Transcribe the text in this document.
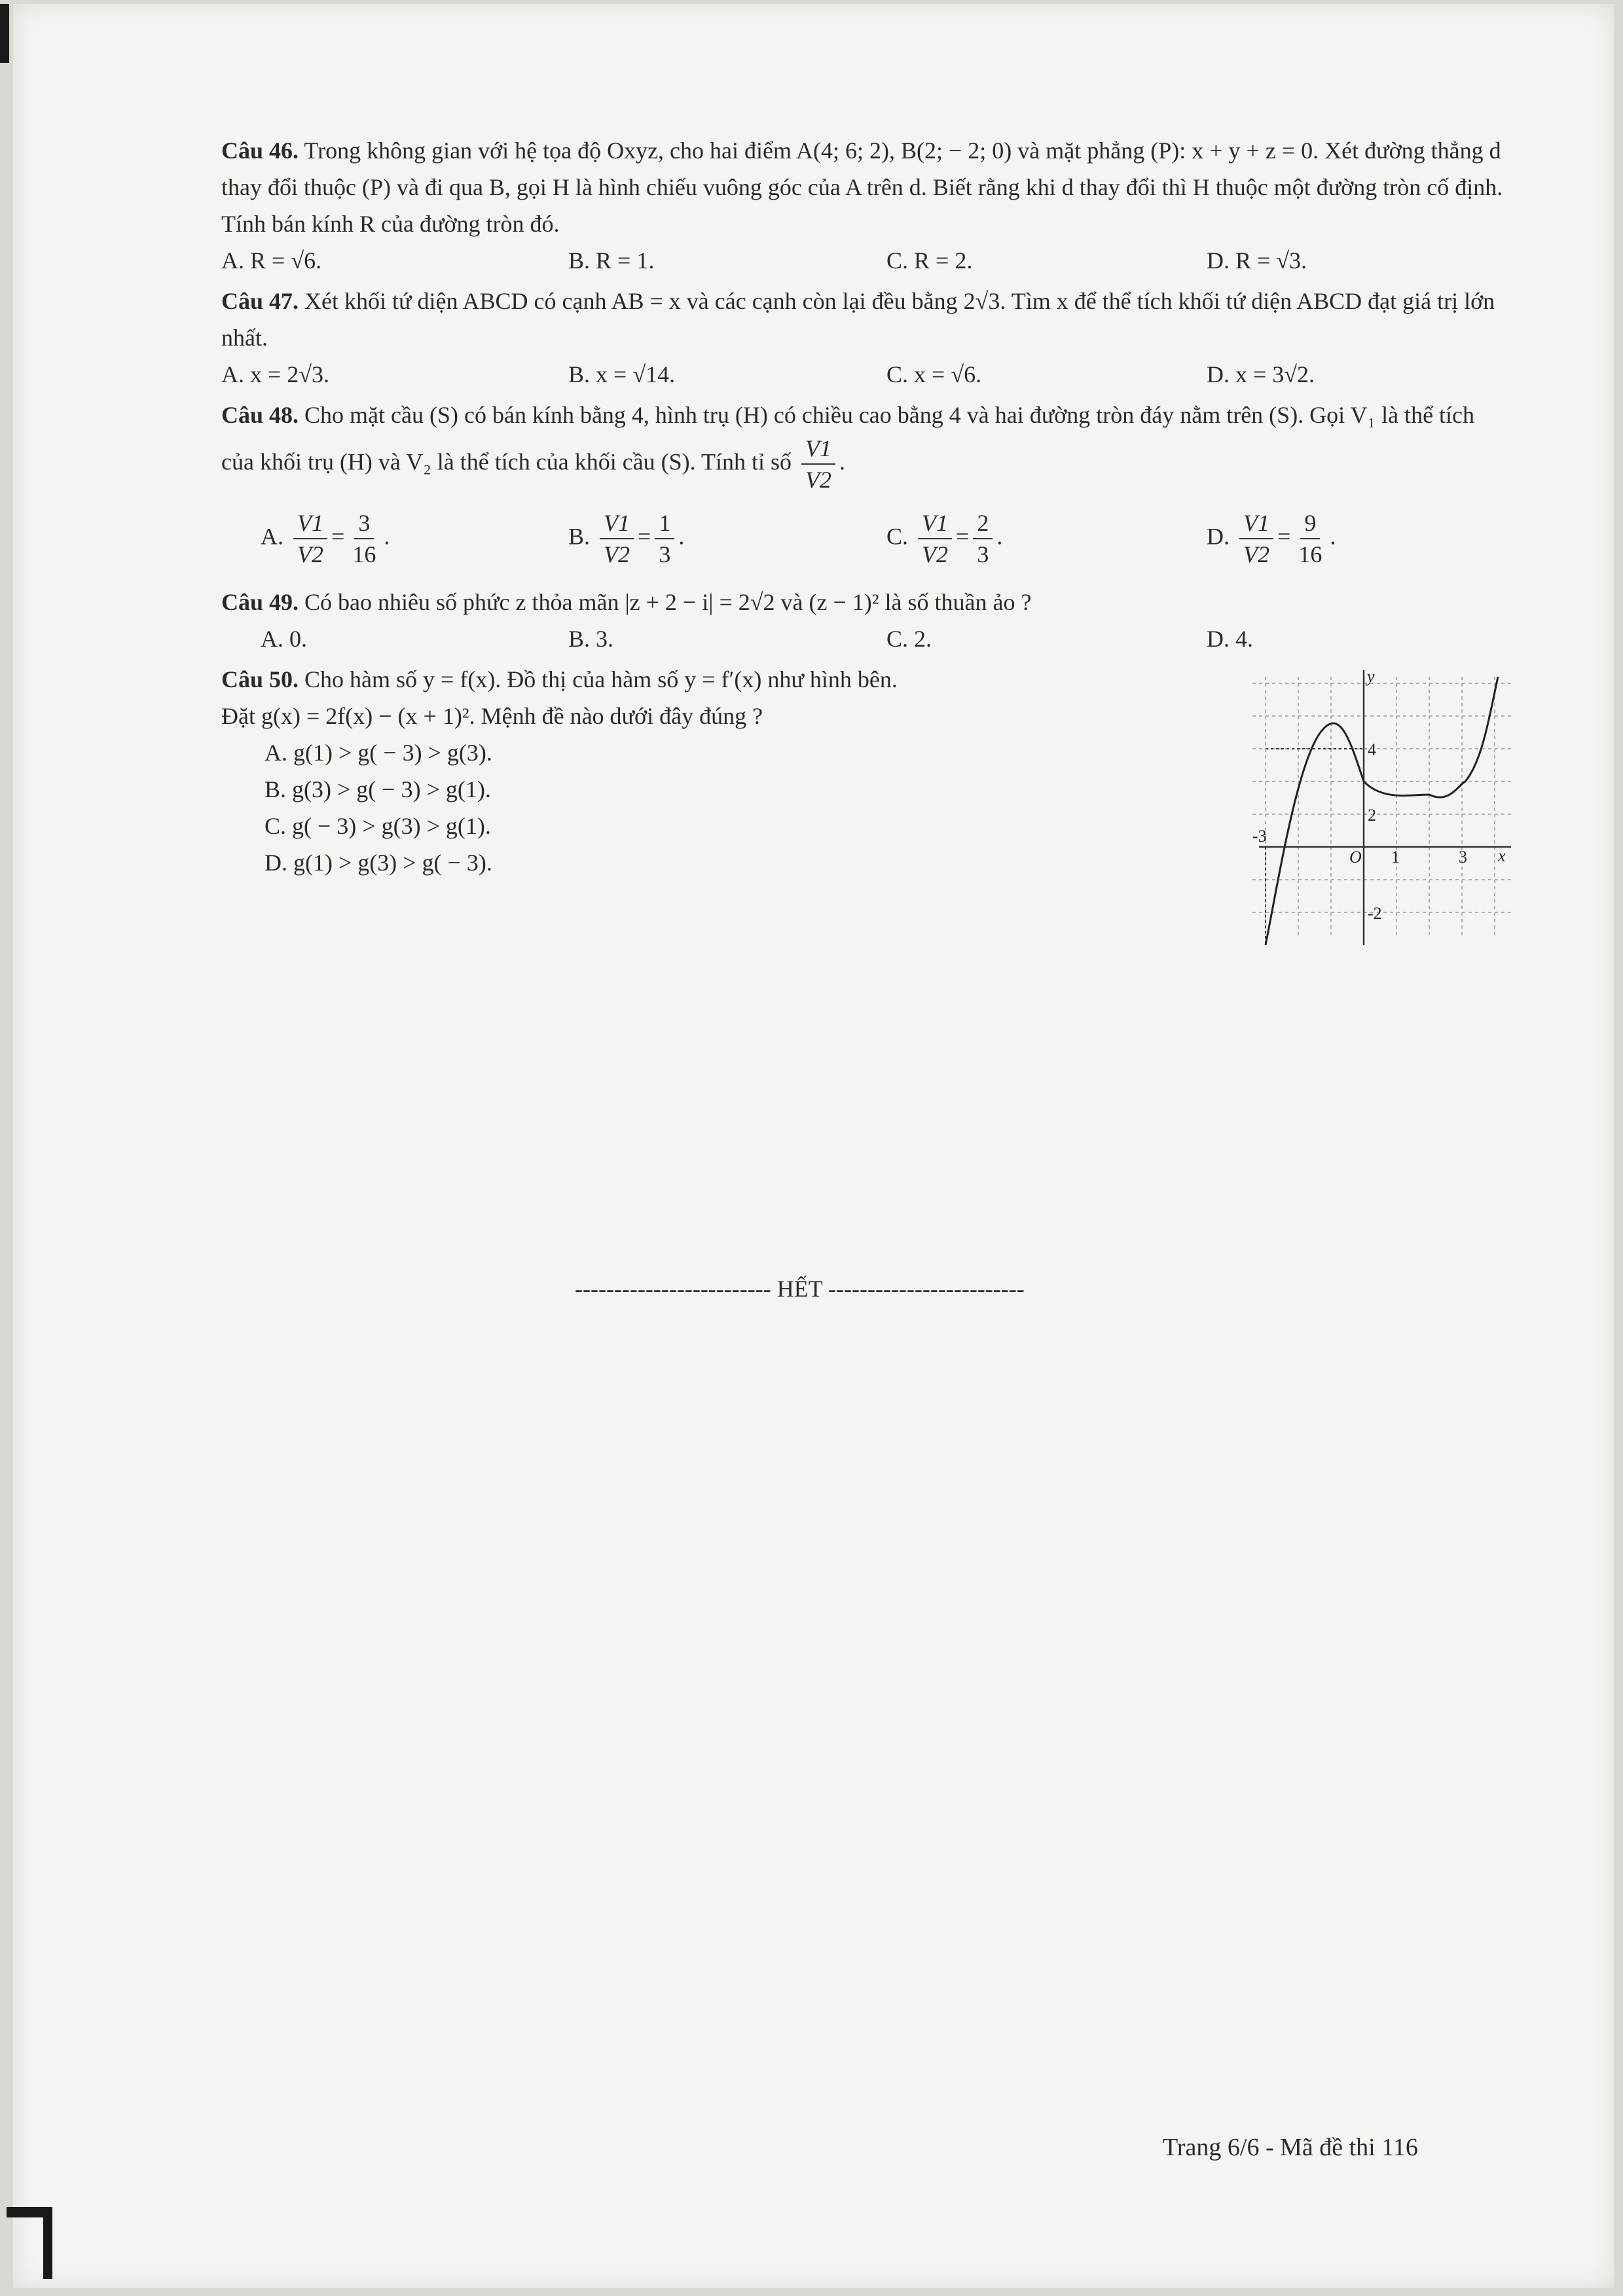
Câu 46. Trong không gian với hệ tọa độ Oxyz, cho hai điểm A(4; 6; 2), B(2; − 2; 0) và mặt phẳng (P): x + y + z = 0. Xét đường thẳng d thay đổi thuộc (P) và đi qua B, gọi H là hình chiếu vuông góc của A trên d. Biết rằng khi d thay đổi thì H thuộc một đường tròn cố định. Tính bán kính R của đường tròn đó.
A. R = √6.	B. R = 1.	C. R = 2.	D. R = √3.
Câu 47. Xét khối tứ diện ABCD có cạnh AB = x và các cạnh còn lại đều bằng 2√3. Tìm x để thể tích khối tứ diện ABCD đạt giá trị lớn nhất.
A. x = 2√3.	B. x = √14.	C. x = √6.	D. x = 3√2.
Câu 48. Cho mặt cầu (S) có bán kính bằng 4, hình trụ (H) có chiều cao bằng 4 và hai đường tròn đáy nằm trên (S). Gọi V₁ là thể tích của khối trụ (H) và V₂ là thể tích của khối cầu (S). Tính tỉ số $\frac{V1}{V2}$ .
A. $\frac{V1}{V2} = \frac{3}{16}$ .	B. $\frac{V1}{V2} = \frac{1}{3}$ .	C. $\frac{V1}{V2} = \frac{2}{3}$ .	D. $\frac{V1}{V2} = \frac{9}{16}$ .
Câu 49. Có bao nhiêu số phức z thỏa mãn |z + 2 − i| = 2√2 và (z − 1)² là số thuần ảo ?
A. 0.	B. 3.	C. 2.	D. 4.
Câu 50. Cho hàm số y = f(x). Đồ thị của hàm số y = f′(x) như hình bên.
Đặt g(x) = 2f(x) − (x + 1)². Mệnh đề nào dưới đây đúng ?
A. g(1) > g( − 3) > g(3).
B. g(3) > g( − 3) > g(1).
C. g( − 3) > g(3) > g(1).
D. g(1) > g(3) > g( − 3).
y
x
O 1	3
-3
4
2
-2
------------------------- HẾT -------------------------
Trang 6/6 - Mã đề thi 116
